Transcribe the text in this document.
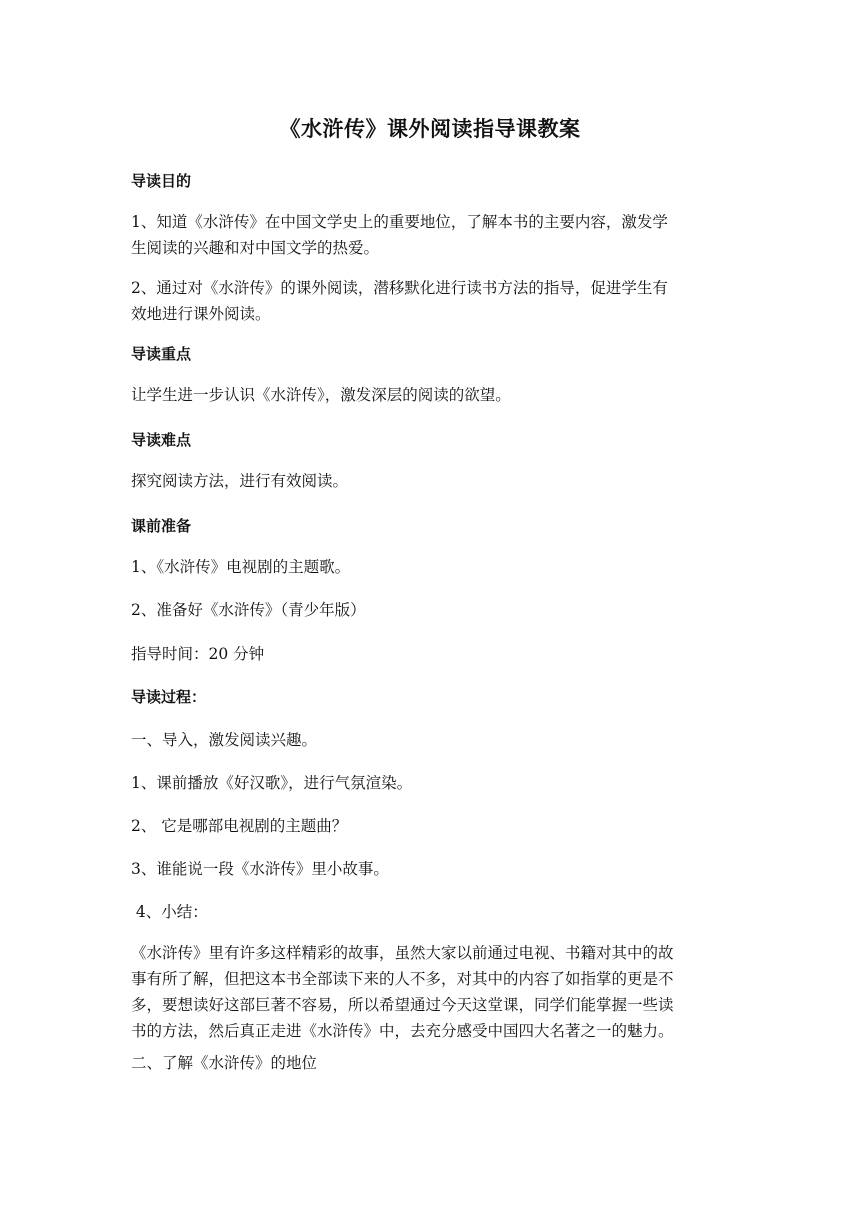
《水浒传》课外阅读指导课教案
导读目的
1、知道《水浒传》在中国文学史上的重要地位，了解本书的主要内容，激发学
生阅读的兴趣和对中国文学的热爱。
2、通过对《水浒传》的课外阅读，潜移默化进行读书方法的指导，促进学生有
效地进行课外阅读。
导读重点
让学生进一步认识《水浒传》，激发深层的阅读的欲望。
导读难点
探究阅读方法，进行有效阅读。
课前准备
1、《水浒传》电视剧的主题歌。
2、准备好《水浒传》（青少年版）
指导时间：20 分钟
导读过程：
一、导入，激发阅读兴趣。
1、课前播放《好汉歌》，进行气氛渲染。
2、 它是哪部电视剧的主题曲？
3、谁能说一段《水浒传》里小故事。
4、小结：
《水浒传》里有许多这样精彩的故事，虽然大家以前通过电视、书籍对其中的故
事有所了解，但把这本书全部读下来的人不多，对其中的内容了如指掌的更是不
多，要想读好这部巨著不容易，所以希望通过今天这堂课，同学们能掌握一些读
书的方法，然后真正走进《水浒传》中，去充分感受中国四大名著之一的魅力。
二、了解《水浒传》的地位
